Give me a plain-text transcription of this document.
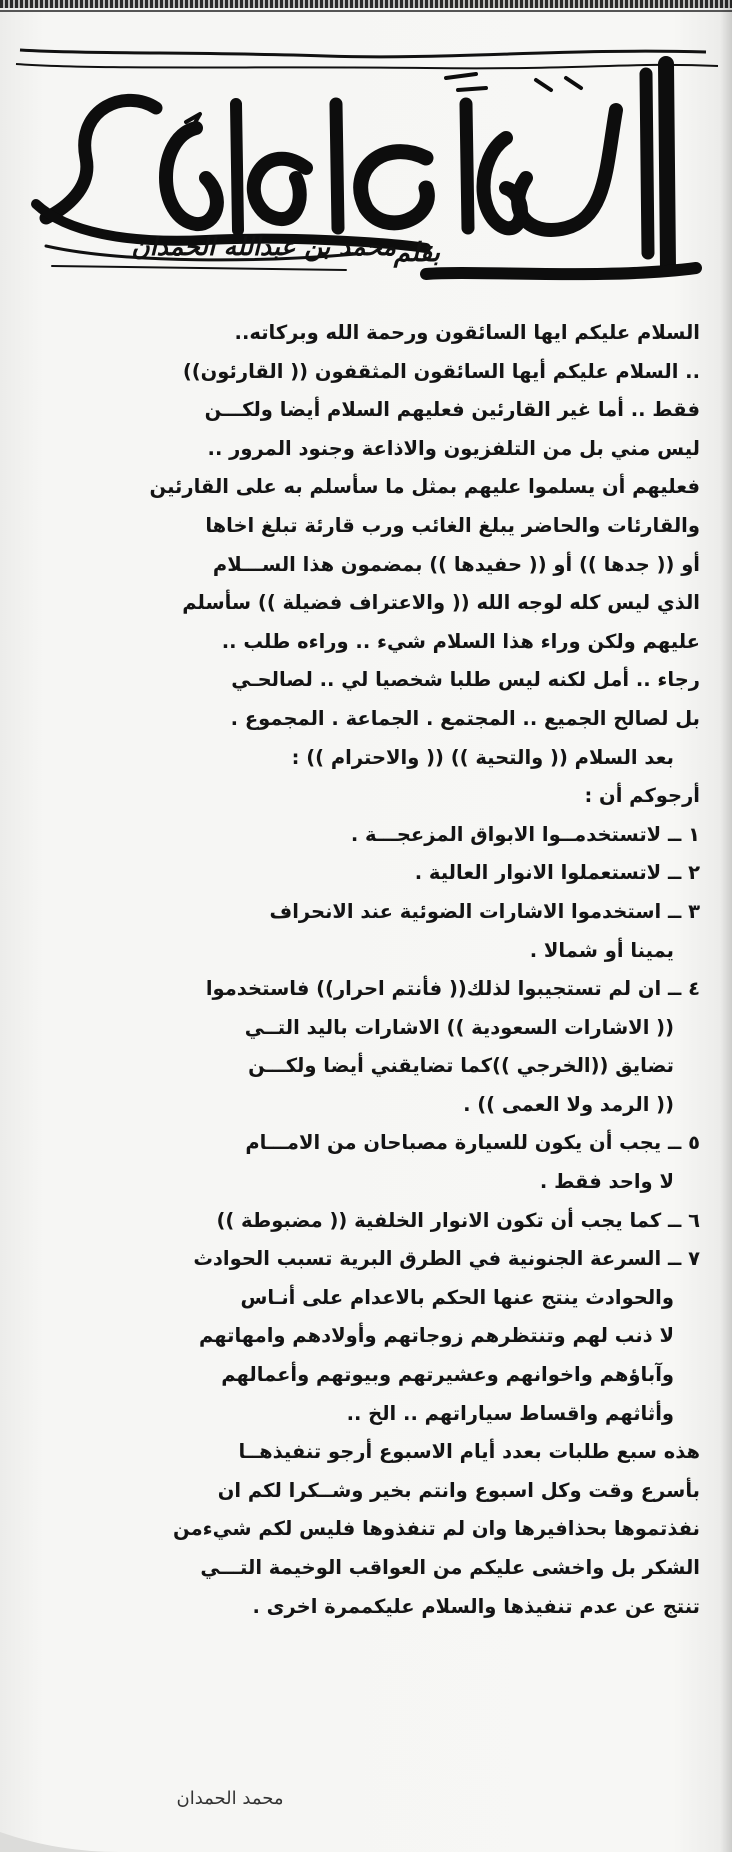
بقلم
محمد بن عبدالله الحمدان
السلام عليكم ايها السائقون ورحمة الله وبركاته..
.. السلام عليكم أيها السائقون المثقفون (( القارئون))
فقط .. أما غير القارئين فعليهم السلام أيضا ولكـــن
ليس مني بل من التلفزيون والاذاعة وجنود المرور ..
فعليهم أن يسلموا عليهم بمثل ما سأسلم به على القارئين
والقارئات والحاضر يبلغ الغائب ورب قارئة تبلغ اخاها
أو (( جدها )) أو (( حفيدها )) بمضمون هذا الســـلام
الذي ليس كله لوجه الله (( والاعتراف فضيلة )) سأسلم
عليهم ولكن وراء هذا السلام شيء .. وراءه طلب ..
رجاء .. أمل لكنه ليس طلبا شخصيا لي .. لصالحـي
بل لصالح الجميع .. المجتمع . الجماعة . المجموع .
بعد السلام (( والتحية )) (( والاحترام )) :
أرجوكم أن :
١ ــ لاتستخدمــوا الابواق المزعجـــة .
٢ ــ لاتستعملوا الانوار العالية .
٣ ــ استخدموا الاشارات الضوئية عند الانحراف
يمينا أو شمالا .
٤ ــ ان لم تستجيبوا لذلك(( فأنتم احرار)) فاستخدموا
(( الاشارات السعودية )) الاشارات باليد التــي
تضايق ((الخرجي ))كما تضايقني أيضا ولكـــن
(( الرمد ولا العمى )) .
٥ ــ يجب أن يكون للسيارة مصباحان من الامـــام
لا واحد فقط .
٦ ــ كما يجب أن تكون الانوار الخلفية (( مضبوطة ))
٧ ــ السرعة الجنونية في الطرق البرية تسبب الحوادث
والحوادث ينتج عنها الحكم بالاعدام على أنـاس
لا ذنب لهم وتنتظرهم زوجاتهم وأولادهم وامهاتهم
وآباؤهم واخوانهم وعشيرتهم وبيوتهم وأعمالهم
وأثاثهم واقساط سياراتهم .. الخ ..
هذه سبع طلبات بعدد أيام الاسبوع أرجو تنفيذهــا
بأسرع وقت وكل اسبوع وانتم بخير وشــكرا لكم ان
نفذتموها بحذافيرها وان لم تنفذوها فليس لكم شيءمن
الشكر بل واخشى عليكم من العواقب الوخيمة التـــي
تنتج عن عدم تنفيذها والسلام عليكممرة اخرى .
محمد الحمدان
